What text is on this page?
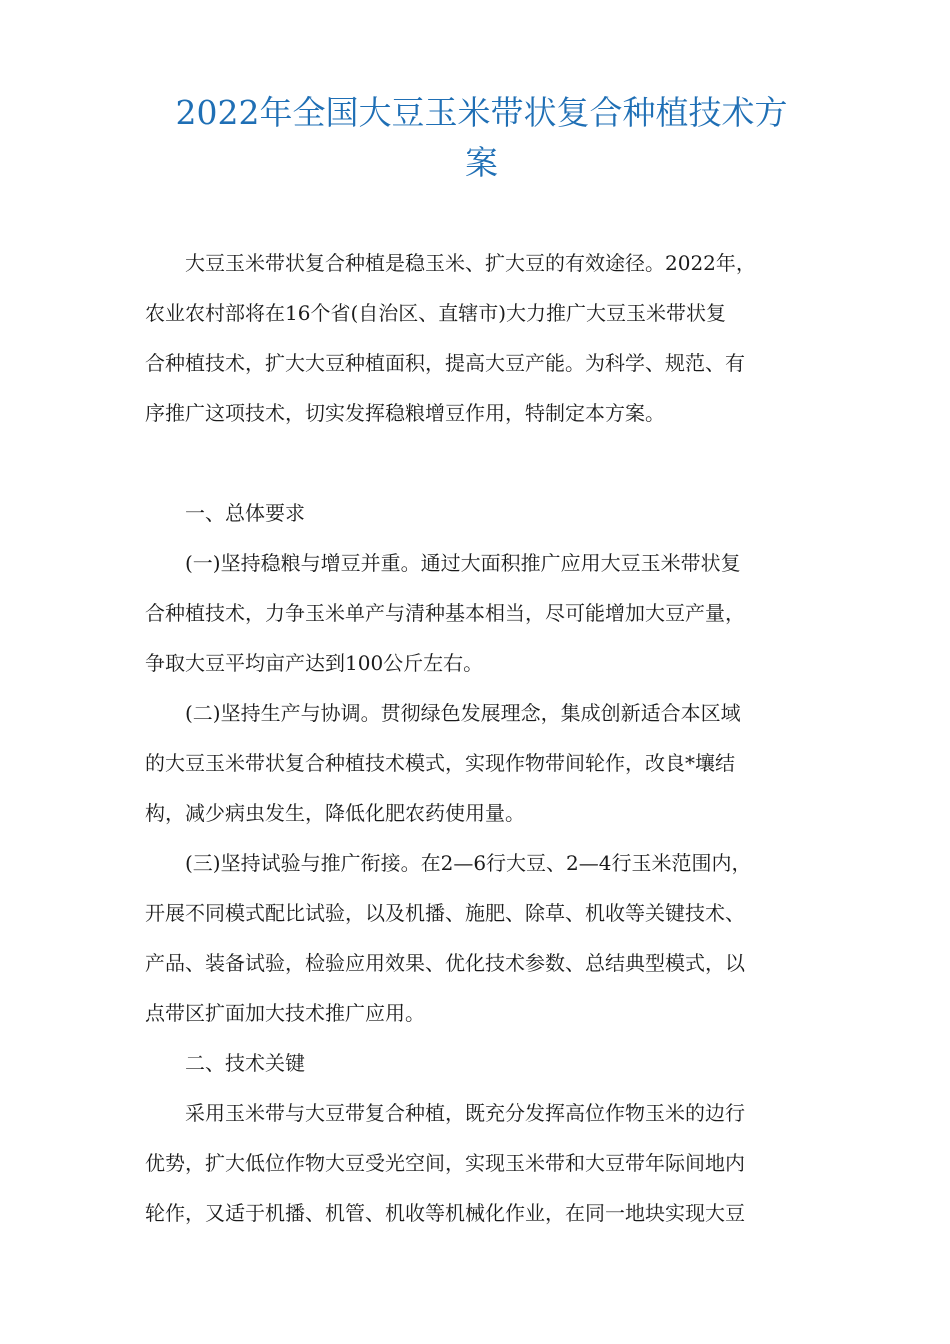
2022年全国大豆玉米带状复合种植技术方
案

大豆玉米带状复合种植是稳玉米、扩大豆的有效途径。2022年，
农业农村部将在16个省(自治区、直辖市)大力推广大豆玉米带状复
合种植技术，扩大大豆种植面积，提高大豆产能。为科学、规范、有
序推广这项技术，切实发挥稳粮增豆作用，特制定本方案。

一、总体要求

(一)坚持稳粮与增豆并重。通过大面积推广应用大豆玉米带状复
合种植技术，力争玉米单产与清种基本相当，尽可能增加大豆产量，
争取大豆平均亩产达到100公斤左右。

(二)坚持生产与协调。贯彻绿色发展理念，集成创新适合本区域
的大豆玉米带状复合种植技术模式，实现作物带间轮作，改良*壤结
构，减少病虫发生，降低化肥农药使用量。

(三)坚持试验与推广衔接。在2—6行大豆、2—4行玉米范围内，
开展不同模式配比试验，以及机播、施肥、除草、机收等关键技术、
产品、装备试验，检验应用效果、优化技术参数、总结典型模式，以
点带区扩面加大技术推广应用。

二、技术关键

采用玉米带与大豆带复合种植，既充分发挥高位作物玉米的边行
优势，扩大低位作物大豆受光空间，实现玉米带和大豆带年际间地内
轮作，又适于机播、机管、机收等机械化作业，在同一地块实现大豆
